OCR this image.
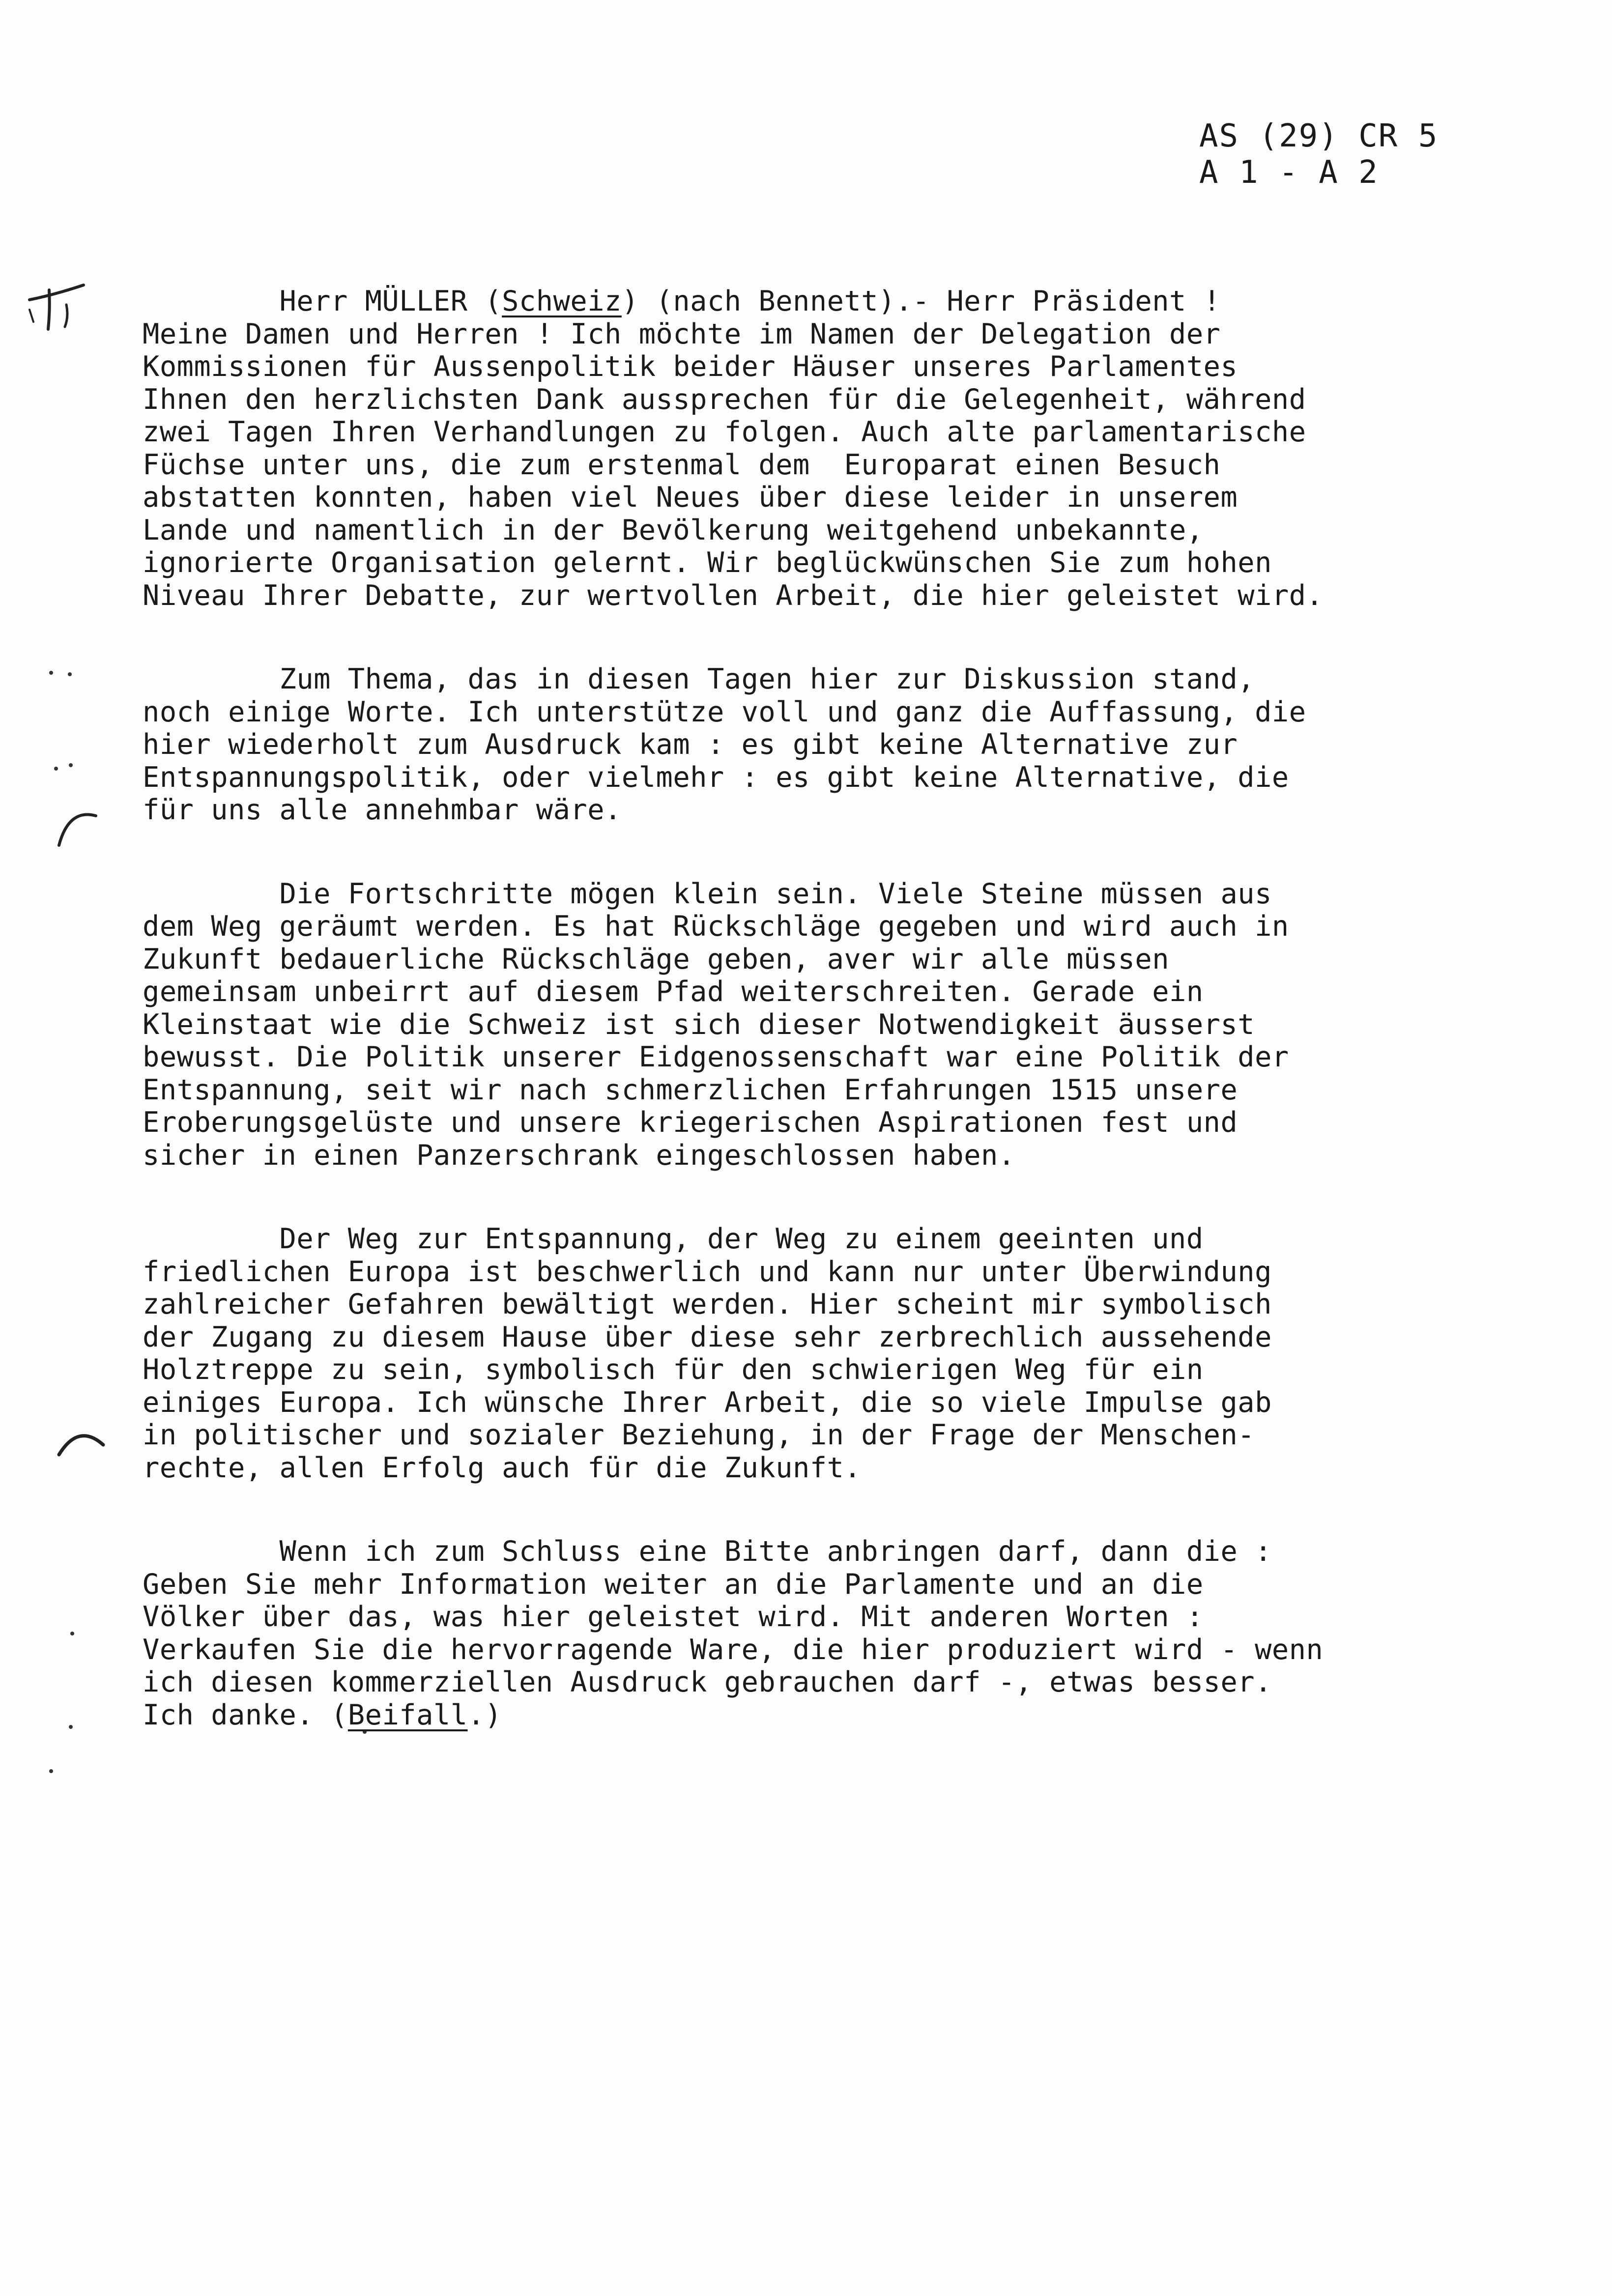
AS (29) CR 5
A 1 - A 2
Herr MÜLLER (Schweiz) (nach Bennett).- Herr Präsident !
Meine Damen und Herren ! Ich möchte im Namen der Delegation der
Kommissionen für Aussenpolitik beider Häuser unseres Parlamentes
Ihnen den herzlichsten Dank aussprechen für die Gelegenheit, während
zwei Tagen Ihren Verhandlungen zu folgen. Auch alte parlamentarische
Füchse unter uns, die zum erstenmal dem  Europarat einen Besuch
abstatten konnten, haben viel Neues über diese leider in unserem
Lande und namentlich in der Bevölkerung weitgehend unbekannte,
ignorierte Organisation gelernt. Wir beglückwünschen Sie zum hohen
Niveau Ihrer Debatte, zur wertvollen Arbeit, die hier geleistet wird.
Zum Thema, das in diesen Tagen hier zur Diskussion stand,
noch einige Worte. Ich unterstütze voll und ganz die Auffassung, die
hier wiederholt zum Ausdruck kam : es gibt keine Alternative zur
Entspannungspolitik, oder vielmehr : es gibt keine Alternative, die
für uns alle annehmbar wäre.
Die Fortschritte mögen klein sein. Viele Steine müssen aus
dem Weg geräumt werden. Es hat Rückschläge gegeben und wird auch in
Zukunft bedauerliche Rückschläge geben, aver wir alle müssen
gemeinsam unbeirrt auf diesem Pfad weiterschreiten. Gerade ein
Kleinstaat wie die Schweiz ist sich dieser Notwendigkeit äusserst
bewusst. Die Politik unserer Eidgenossenschaft war eine Politik der
Entspannung, seit wir nach schmerzlichen Erfahrungen 1515 unsere
Eroberungsgelüste und unsere kriegerischen Aspirationen fest und
sicher in einen Panzerschrank eingeschlossen haben.
Der Weg zur Entspannung, der Weg zu einem geeinten und
friedlichen Europa ist beschwerlich und kann nur unter Überwindung
zahlreicher Gefahren bewältigt werden. Hier scheint mir symbolisch
der Zugang zu diesem Hause über diese sehr zerbrechlich aussehende
Holztreppe zu sein, symbolisch für den schwierigen Weg für ein
einiges Europa. Ich wünsche Ihrer Arbeit, die so viele Impulse gab
in politischer und sozialer Beziehung, in der Frage der Menschen-
rechte, allen Erfolg auch für die Zukunft.
Wenn ich zum Schluss eine Bitte anbringen darf, dann die :
Geben Sie mehr Information weiter an die Parlamente und an die
Völker über das, was hier geleistet wird. Mit anderen Worten :
Verkaufen Sie die hervorragende Ware, die hier produziert wird - wenn
ich diesen kommerziellen Ausdruck gebrauchen darf -, etwas besser.
Ich danke. (Beifall.)
